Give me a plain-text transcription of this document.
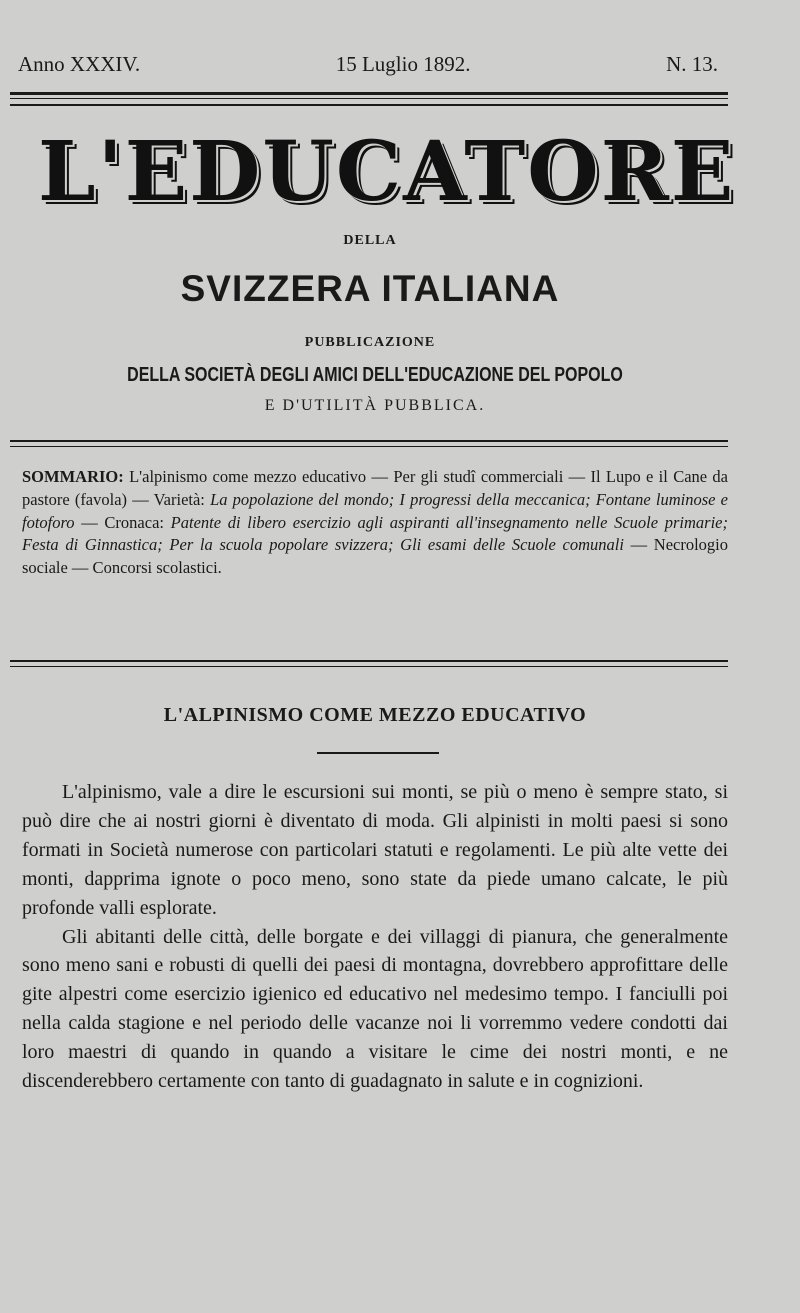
Anno XXXIV.	15 Luglio 1892.	N. 13.
L'EDUCATORE
DELLA
SVIZZERA ITALIANA
PUBBLICAZIONE
DELLA SOCIETÀ DEGLI AMICI DELL'EDUCAZIONE DEL POPOLO
E D'UTILITÀ PUBBLICA.
SOMMARIO: L'alpinismo come mezzo educativo — Per gli studî commerciali — Il Lupo e il Cane da pastore (favola) — Varietà: La popolazione del mondo; I progressi della meccanica; Fontane luminose e fotoforo — Cronaca: Patente di libero esercizio agli aspiranti all'insegnamento nelle Scuole primarie; Festa di Ginnastica; Per la scuola popolare svizzera; Gli esami delle Scuole comunali — Necrologio sociale — Concorsi scolastici.
L'ALPINISMO COME MEZZO EDUCATIVO

L'alpinismo, vale a dire le escursioni sui monti, se più o meno è sempre stato, si può dire che ai nostri giorni è diventato di moda. Gli alpinisti in molti paesi si sono formati in Società numerose con particolari statuti e regolamenti. Le più alte vette dei monti, dapprima ignote o poco meno, sono state da piede umano calcate, le più profonde valli esplorate.

Gli abitanti delle città, delle borgate e dei villaggi di pianura, che generalmente sono meno sani e robusti di quelli dei paesi di montagna, dovrebbero approfittare delle gite alpestri come esercizio igienico ed educativo nel medesimo tempo. I fanciulli poi nella calda stagione e nel periodo delle vacanze noi li vorremmo vedere condotti dai loro maestri di quando in quando a visitare le cime dei nostri monti, e ne discenderebbero certamente con tanto di guadagnato in salute e in cognizioni.
